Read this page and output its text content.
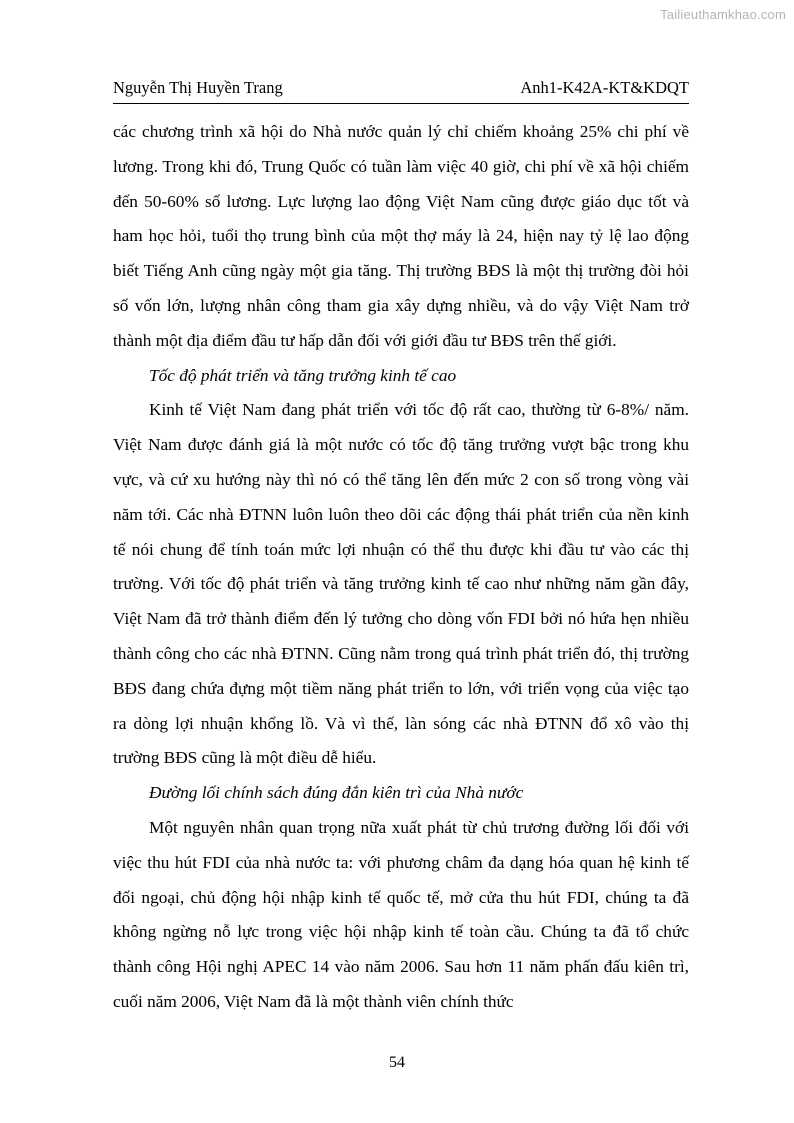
Tailieuthamkhao.com
Nguyễn Thị Huyền Trang	Anh1-K42A-KT&KDQT

các chương trình xã hội do Nhà nước quản lý chỉ chiếm khoảng 25% chi phí về lương. Trong khi đó, Trung Quốc có tuần làm việc 40 giờ, chi phí về xã hội chiếm đến 50-60% số lương. Lực lượng lao động Việt Nam cũng được giáo dục tốt và ham học hỏi, tuổi thọ trung bình của một thợ máy là 24, hiện nay tỷ lệ lao động biết Tiếng Anh cũng ngày một gia tăng. Thị trường BĐS là một thị trường đòi hỏi số vốn lớn, lượng nhân công tham gia xây dựng nhiều, và do vậy Việt Nam trở thành một địa điểm đầu tư hấp dẫn đối với giới đầu tư BĐS trên thế giới.

Tốc độ phát triển và tăng trưởng kinh tế cao

Kinh tế Việt Nam đang phát triển với tốc độ rất cao, thường từ 6-8%/ năm. Việt Nam được đánh giá là một nước có tốc độ tăng trưởng vượt bậc trong khu vực, và cứ xu hướng này thì nó có thể tăng lên đến mức 2 con số trong vòng vài năm tới. Các nhà ĐTNN luôn luôn theo dõi các động thái phát triển của nền kinh tế nói chung để tính toán mức lợi nhuận có thể thu được khi đầu tư vào các thị trường. Với tốc độ phát triển và tăng trưởng kinh tế cao như những năm gần đây, Việt Nam đã trở thành điểm đến lý tưởng cho dòng vốn FDI bởi nó hứa hẹn nhiều thành công cho các nhà ĐTNN. Cũng nằm trong quá trình phát triển đó, thị trường BĐS đang chứa đựng một tiềm năng phát triển to lớn, với triển vọng của việc tạo ra dòng lợi nhuận khổng lồ. Và vì thế, làn sóng các nhà ĐTNN đổ xô vào thị trường BĐS cũng là một điều dễ hiểu.

Đường lối chính sách đúng đắn kiên trì của Nhà nước

Một nguyên nhân quan trọng nữa xuất phát từ chủ trương đường lối đối với việc thu hút FDI của nhà nước ta: với phương châm đa dạng hóa quan hệ kinh tế đối ngoại, chủ động hội nhập kinh tế quốc tế, mở cửa thu hút FDI, chúng ta đã không ngừng nỗ lực trong việc hội nhập kinh tế toàn cầu. Chúng ta đã tổ chức thành công Hội nghị APEC 14 vào năm 2006. Sau hơn 11 năm phấn đấu kiên trì, cuối năm 2006, Việt Nam đã là một thành viên chính thức

54
